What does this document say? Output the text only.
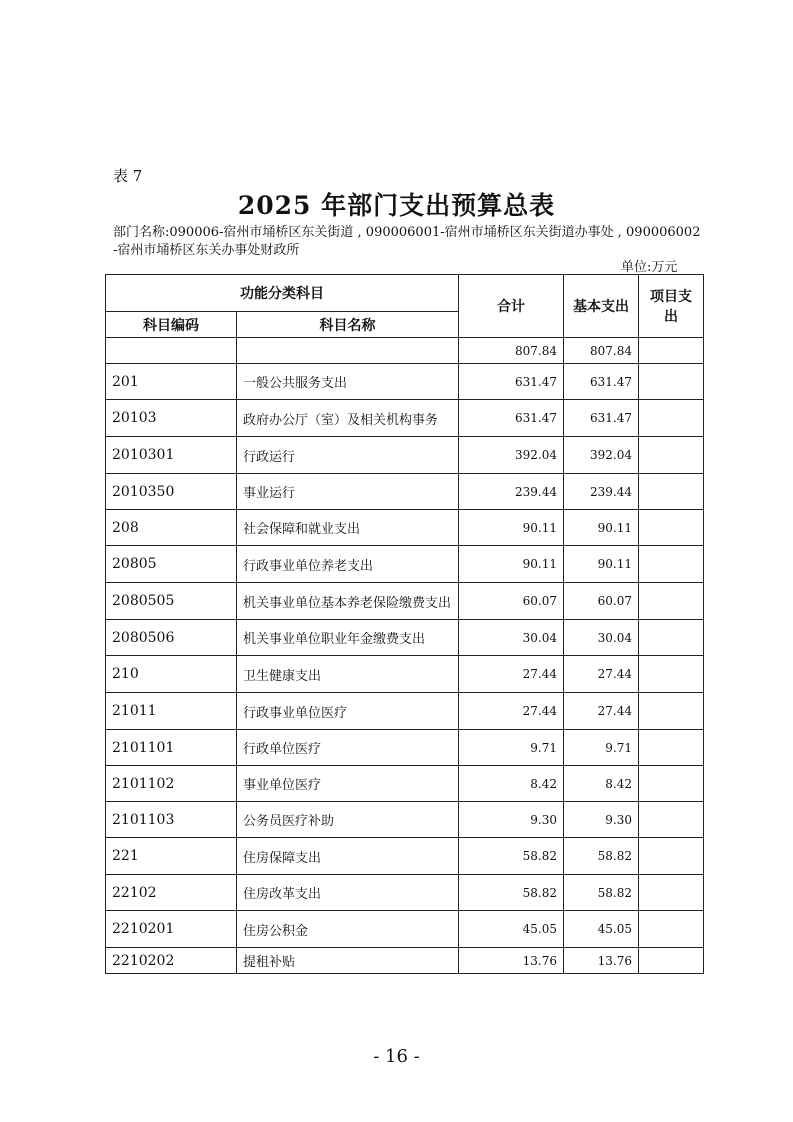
表 7
2025 年部门支出预算总表
部门名称:090006-宿州市埇桥区东关街道 , 090006001-宿州市埇桥区东关街道办事处 , 090006002-宿州市埇桥区东关办事处财政所
单位:万元
功能分类科目		合计	基本支出	项目支出
科目编码	科目名称			
		807.84	807.84	
201	一般公共服务支出	631.47	631.47	
20103	政府办公厅（室）及相关机构事务	631.47	631.47	
2010301	行政运行	392.04	392.04	
2010350	事业运行	239.44	239.44	
208	社会保障和就业支出	90.11	90.11	
20805	行政事业单位养老支出	90.11	90.11	
2080505	机关事业单位基本养老保险缴费支出	60.07	60.07	
2080506	机关事业单位职业年金缴费支出	30.04	30.04	
210	卫生健康支出	27.44	27.44	
21011	行政事业单位医疗	27.44	27.44	
2101101	行政单位医疗	9.71	9.71	
2101102	事业单位医疗	8.42	8.42	
2101103	公务员医疗补助	9.30	9.30	
221	住房保障支出	58.82	58.82	
22102	住房改革支出	58.82	58.82	
2210201	住房公积金	45.05	45.05	
2210202	提租补贴	13.76	13.76	
- 16 -
